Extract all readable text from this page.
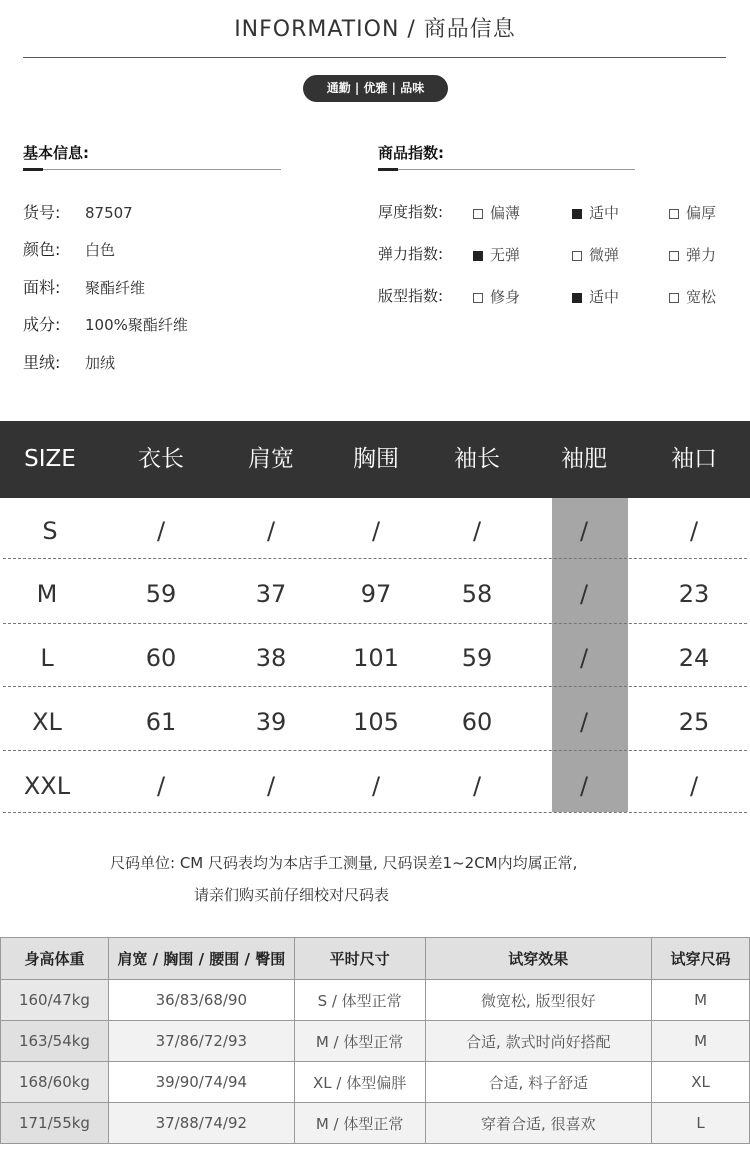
INFORMATION / 商品信息
通勤 | 优雅 | 品味
基本信息:
货号: 87507
颜色: 白色
面料: 聚酯纤维
成分: 100%聚酯纤维
里绒: 加绒
商品指数:
厚度指数:	偏薄	适中	偏厚
弹力指数:	无弹	微弹	弹力
版型指数:	修身	适中	宽松
SIZE	衣长	肩宽	胸围 袖长	袖肥	袖口
S	/	/	/	/	/	/
M	59	37	97	58	/	23
L	60	38	101	59	/	24
XL	61	39	105	60	/	25
XXL	/	/	/	/	/	/
尺码单位: CM 尺码表均为本店手工测量, 尺码误差1~2CM内均属正常,
请亲们购买前仔细校对尺码表
身高体重	肩宽 / 胸围 / 腰围 / 臀围	平时尺寸	试穿效果	试穿尺码
160/47kg	36/83/68/90	S / 体型正常	微宽松, 版型很好	M
163/54kg	37/86/72/93	M / 体型正常	合适, 款式时尚好搭配	M
168/60kg	39/90/74/94	XL / 体型偏胖	合适, 料子舒适	XL
171/55kg	37/88/74/92	M / 体型正常	穿着合适, 很喜欢	L
